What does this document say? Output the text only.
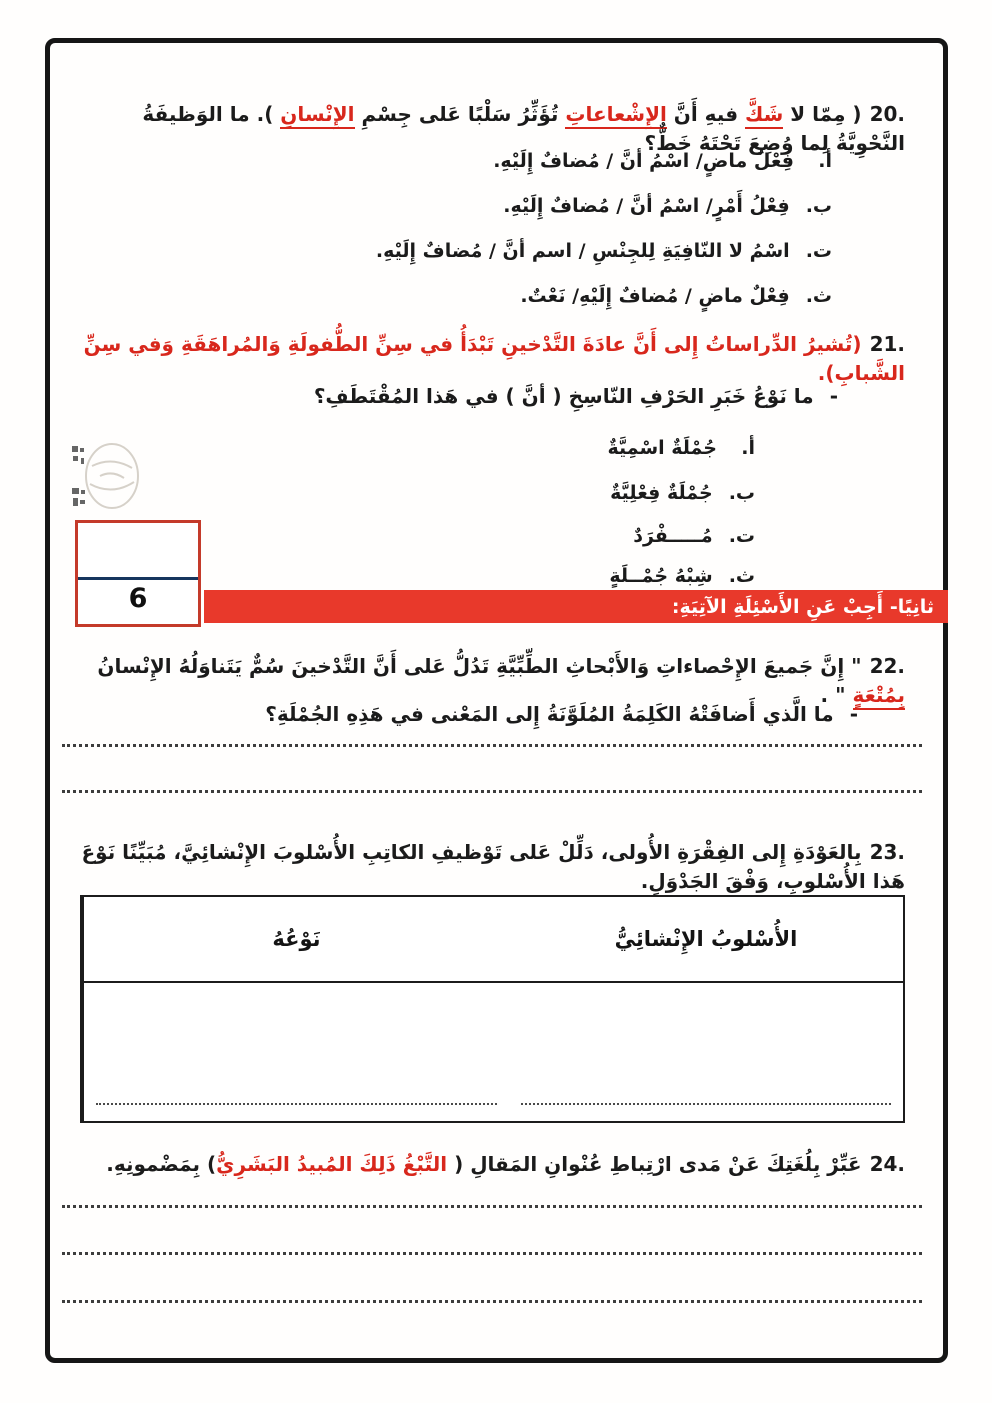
20.( مِمّا لا شَكَّ فيهِ أَنَّ الإِشْعاعاتِ تُؤَثِّرُ سَلْبًا عَلى جِسْمِ الإِنْسانِ ). ما الوَظيفَةُ النَّحْوِيَّةُ لِما وُضِعَ تَحْتَهُ خَطٌّ؟
أ.
فِعْلٌ ماضٍ/ اسْمُ أنَّ / مُضافٌ إِلَيْهِ.
ب.
فِعْلُ أَمْرٍ/ اسْمُ أنَّ / مُضافٌ إِلَيْهِ.
ت.
اسْمُ لا النّافِيَةِ لِلجِنْسِ / اسم أنَّ / مُضافٌ إِلَيْهِ.
ث.
فِعْلٌ ماضٍ / مُضافٌ إِلَيْهِ/ نَعْتٌ.
21.(تُشيرُ الدِّراساتُ إِلى أَنَّ عادَةَ التَّدْخينِ تَبْدَأُ في سِنِّ الطُّفولَةِ وَالمُراهَقَةِ وَفي سِنِّ الشَّبابِ).
-ما نَوْعُ خَبَرِ الحَرْفِ النّاسِخِ ( أنَّ ) في هَذا المُقْتَطَفِ؟
أ.
جُمْلَةٌ اسْمِيَّةٌ
ب.
جُمْلَةٌ فِعْلِيَّةٌ
ت.
مُـــــفْرَدٌ
ث.
شِبْهُ جُمْــلَةٍ
6	ثانِيًا- أَجِبْ عَنِ الأَسْئِلَةِ الآتِيَةِ:
22." إِنَّ جَميعَ الإِحْصاءاتِ وَالأَبْحاثِ الطِّبِّيَّةِ تَدُلُّ عَلى أَنَّ التَّدْخينَ سُمٌّ يَتَناوَلُهُ الإِنْسانُ بِمُتْعَةٍ " .
-ما الَّذي أَضافَتْهُ الكَلِمَةُ المُلَوَّنَةُ إِلى المَعْنى في هَذِهِ الجُمْلَةِ؟
23.بِالعَوْدَةِ إِلى الفِقْرَةِ الأُولى، دَلِّلْ عَلى تَوْظيفِ الكاتِبِ الأُسْلوبَ الإِنْشائِيَّ، مُبَيِّنًا نَوْعَ هَذا الأُسْلوبِ، وَفْقَ الجَدْوَلِ.
الأُسْلوبُ الإِنْشائِيُّ
نَوْعُهُ
24.عَبِّرْ بِلُغَتِكَ عَنْ مَدى ارْتِباطِ عُنْوانِ المَقالِ ( التَّبْغُ ذَلِكَ المُبيدُ البَشَرِيُّ) بِمَضْمونِهِ.
